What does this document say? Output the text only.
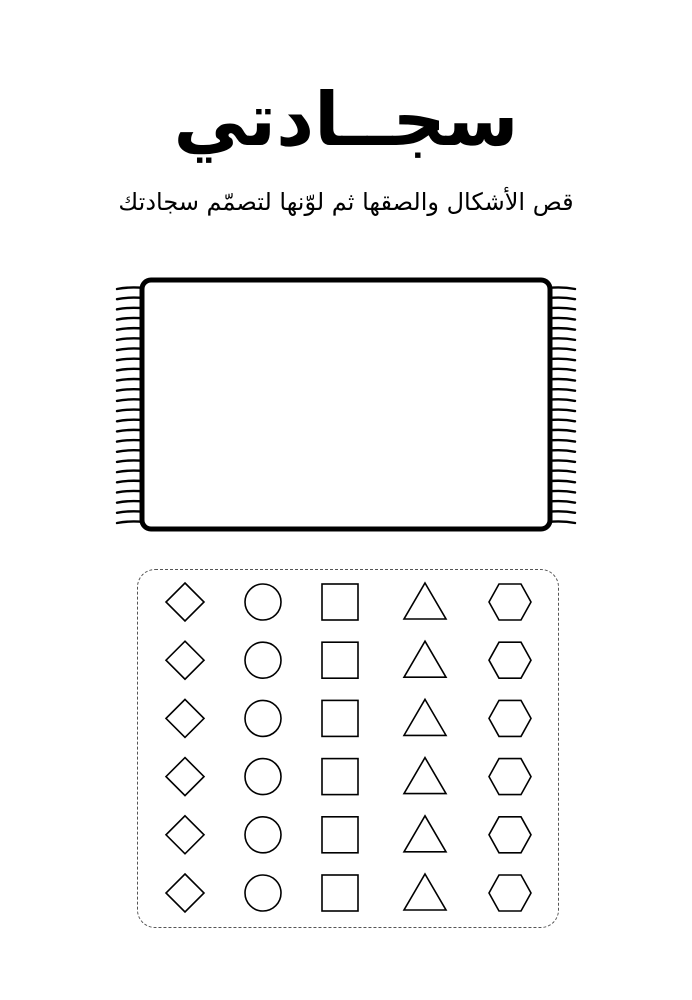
سجــادتي
قص الأشكال والصقها ثم لوّنها لتصمّم سجادتك
